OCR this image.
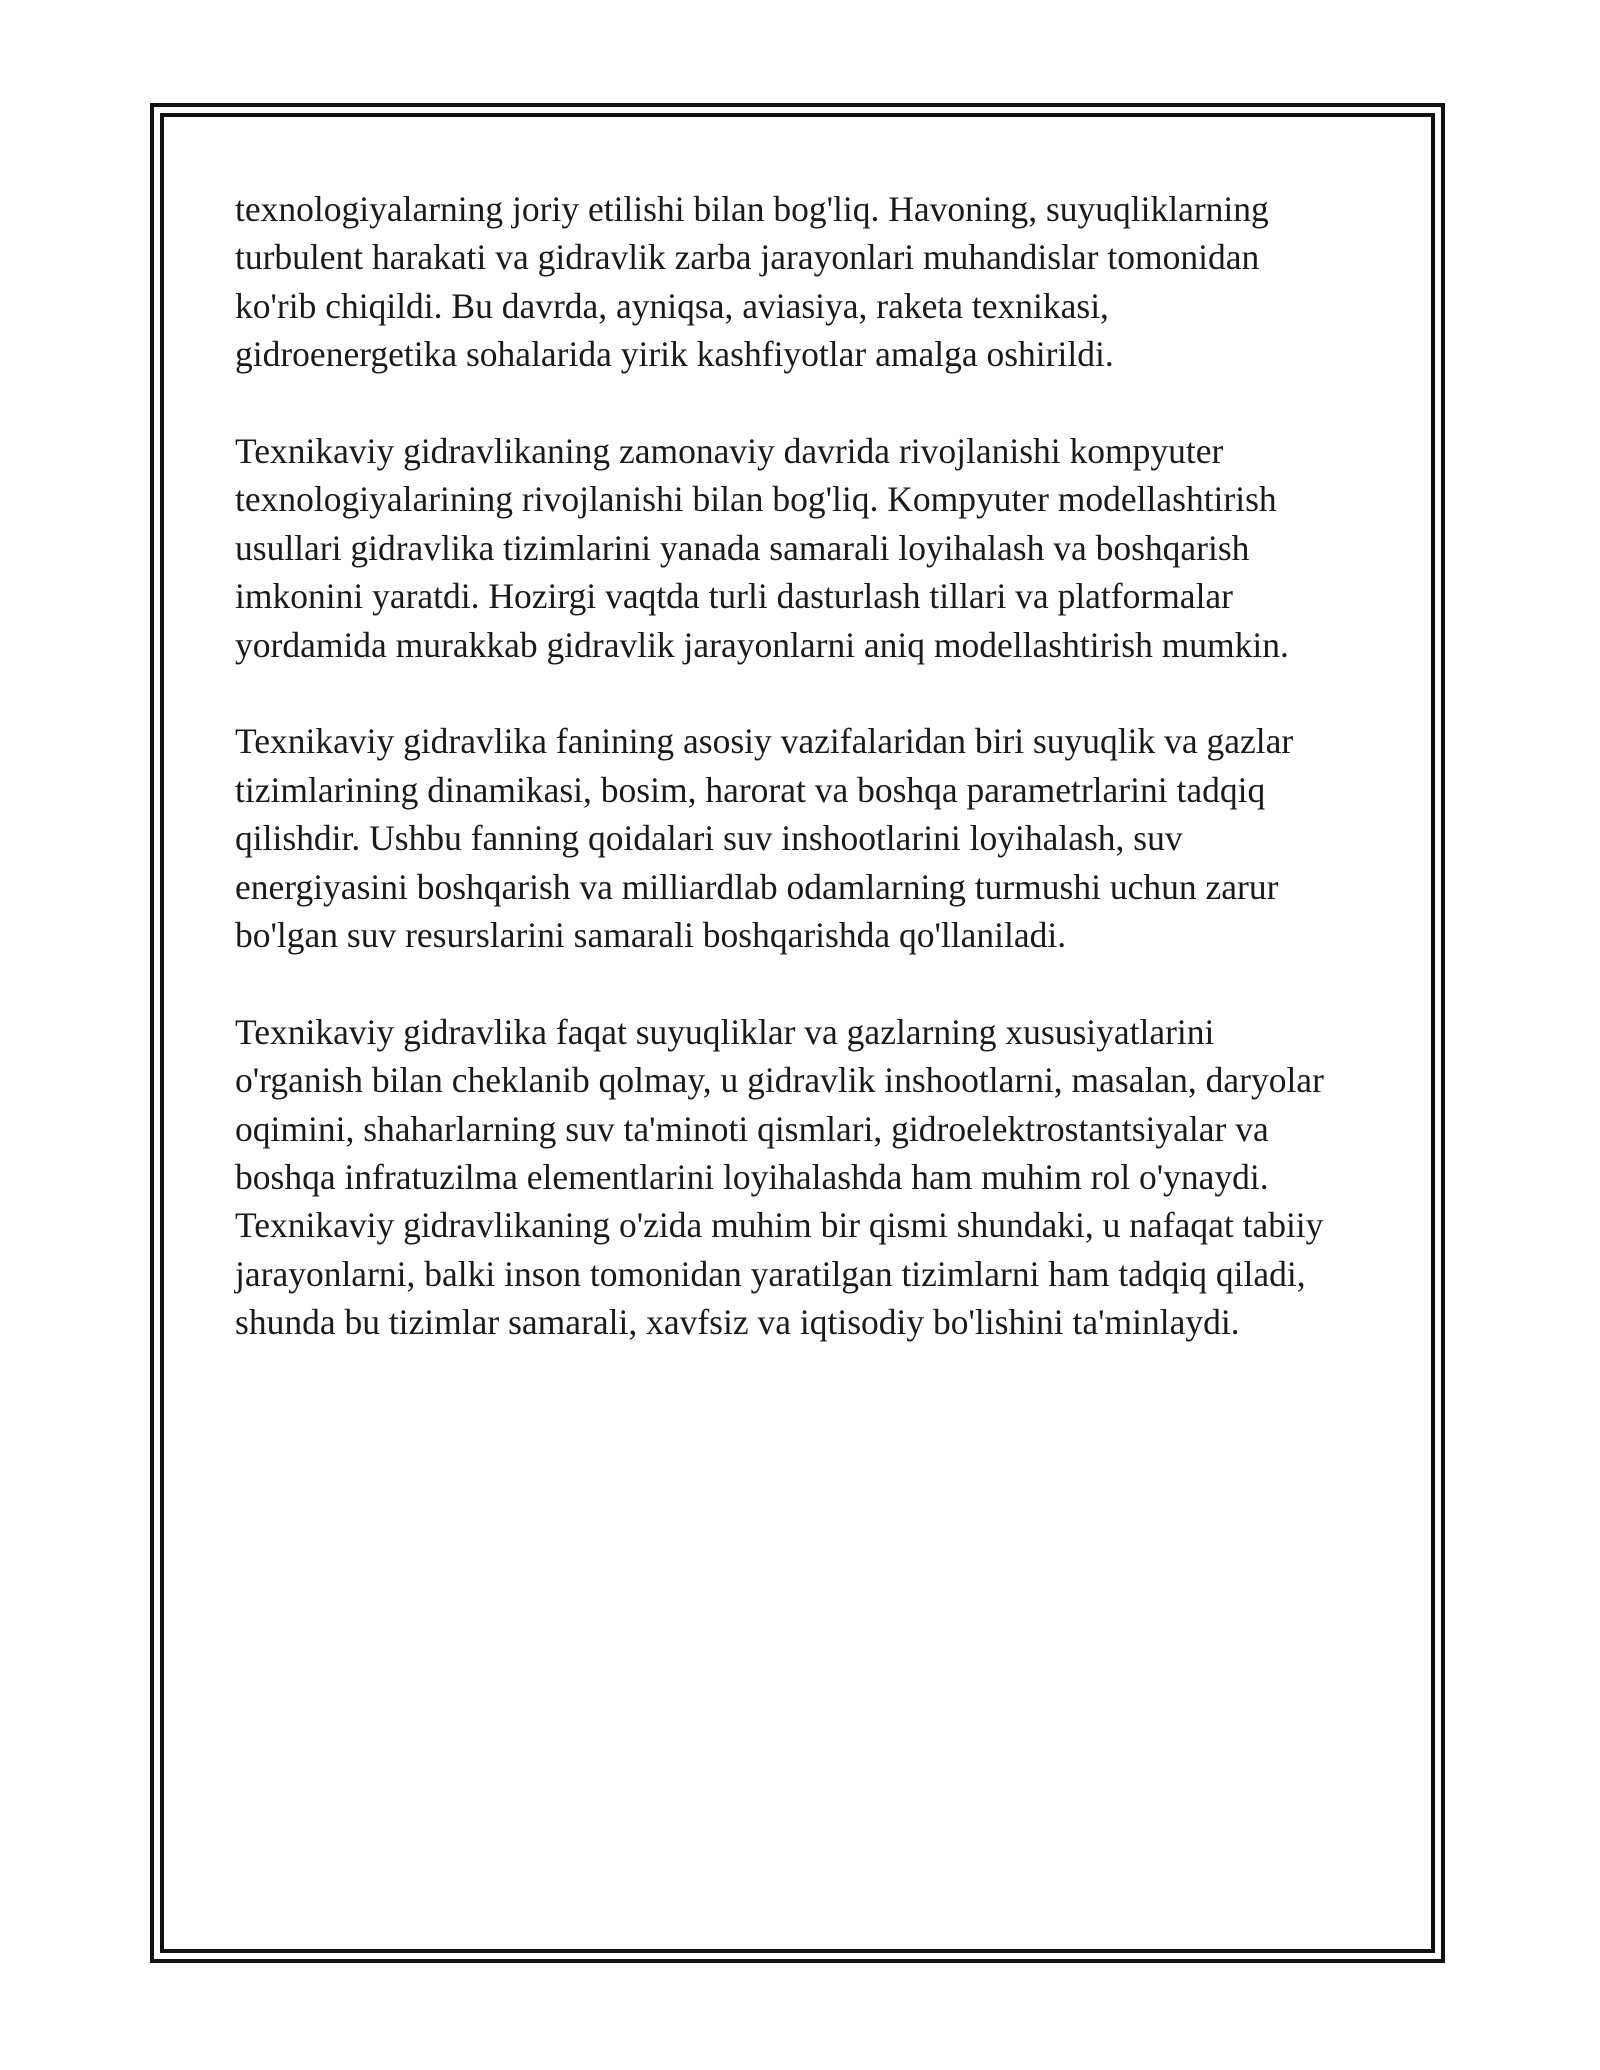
texnologiyalarning joriy etilishi bilan bog'liq. Havoning, suyuqliklarning
turbulent harakati va gidravlik zarba jarayonlari muhandislar tomonidan
ko'rib chiqildi. Bu davrda, ayniqsa, aviasiya, raketa texnikasi,
gidroenergetika sohalarida yirik kashfiyotlar amalga oshirildi.

Texnikaviy gidravlikaning zamonaviy davrida rivojlanishi kompyuter
texnologiyalarining rivojlanishi bilan bog'liq. Kompyuter modellashtirish
usullari gidravlika tizimlarini yanada samarali loyihalash va boshqarish
imkonini yaratdi. Hozirgi vaqtda turli dasturlash tillari va platformalar
yordamida murakkab gidravlik jarayonlarni aniq modellashtirish mumkin.

Texnikaviy gidravlika fanining asosiy vazifalaridan biri suyuqlik va gazlar
tizimlarining dinamikasi, bosim, harorat va boshqa parametrlarini tadqiq
qilishdir. Ushbu fanning qoidalari suv inshootlarini loyihalash, suv
energiyasini boshqarish va milliardlab odamlarning turmushi uchun zarur
bo'lgan suv resurslarini samarali boshqarishda qo'llaniladi.

Texnikaviy gidravlika faqat suyuqliklar va gazlarning xususiyatlarini
o'rganish bilan cheklanib qolmay, u gidravlik inshootlarni, masalan, daryolar
oqimini, shaharlarning suv ta'minoti qismlari, gidroelektrostantsiyalar va
boshqa infratuzilma elementlarini loyihalashda ham muhim rol o'ynaydi.
Texnikaviy gidravlikaning o'zida muhim bir qismi shundaki, u nafaqat tabiiy
jarayonlarni, balki inson tomonidan yaratilgan tizimlarni ham tadqiq qiladi,
shunda bu tizimlar samarali, xavfsiz va iqtisodiy bo'lishini ta'minlaydi.
